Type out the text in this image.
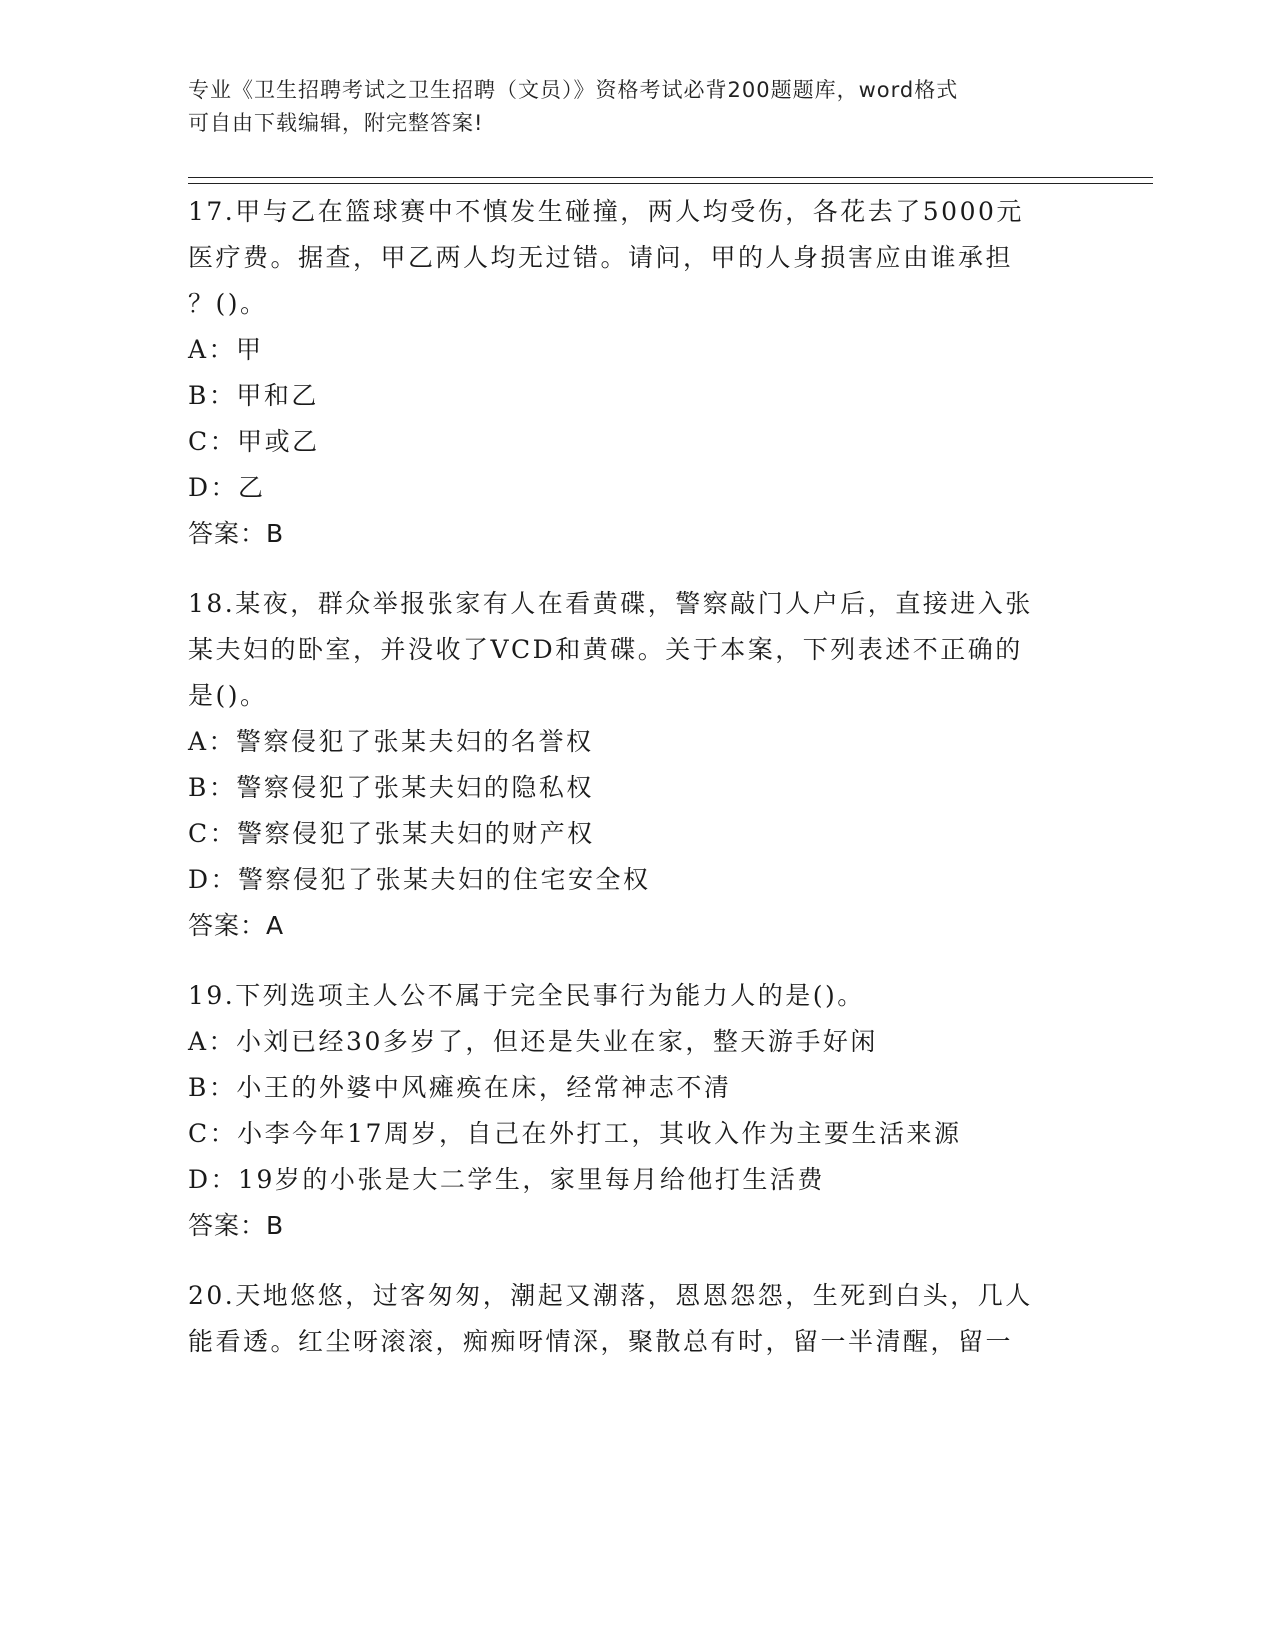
专业《卫生招聘考试之卫生招聘（文员）》资格考试必背200题题库，word格式
可自由下载编辑，附完整答案!

17.甲与乙在篮球赛中不慎发生碰撞，两人均受伤，各花去了5000元

医疗费。据查，甲乙两人均无过错。请问，甲的人身损害应由谁承担

？()。

A：甲

B：甲和乙

C：甲或乙

D：乙

答案：B

18.某夜，群众举报张家有人在看黄碟，警察敲门人户后，直接进入张

某夫妇的卧室，并没收了VCD和黄碟。关于本案，下列表述不正确的

是()。

A：警察侵犯了张某夫妇的名誉权

B：警察侵犯了张某夫妇的隐私权

C：警察侵犯了张某夫妇的财产权

D：警察侵犯了张某夫妇的住宅安全权

答案：A

19.下列选项主人公不属于完全民事行为能力人的是()。

A：小刘已经30多岁了，但还是失业在家，整天游手好闲

B：小王的外婆中风瘫痪在床，经常神志不清

C：小李今年17周岁，自己在外打工，其收入作为主要生活来源

D：19岁的小张是大二学生，家里每月给他打生活费

答案：B

20.天地悠悠，过客匆匆，潮起又潮落，恩恩怨怨，生死到白头，几人

能看透。红尘呀滚滚，痴痴呀情深，聚散总有时，留一半清醒，留一
